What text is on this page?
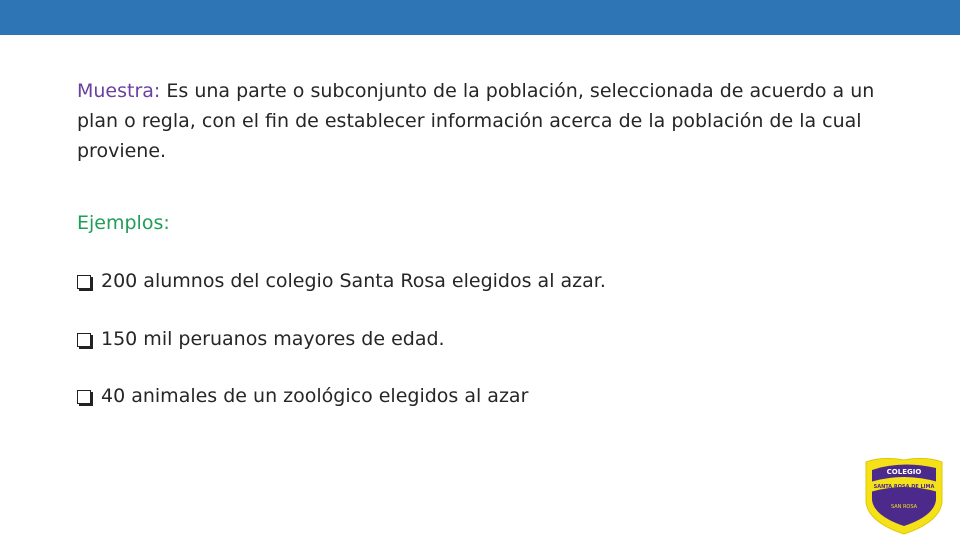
Muestra: Es una parte o subconjunto de la población, seleccionada de acuerdo a un plan o regla, con el fin de establecer información acerca de la población de la cual proviene.
Ejemplos:
200 alumnos del colegio Santa Rosa elegidos al azar.
150 mil peruanos mayores de edad.
40 animales de un zoológico elegidos al azar
COLEGIO
SANTA ROSA DE LIMA
SAN ROSA
